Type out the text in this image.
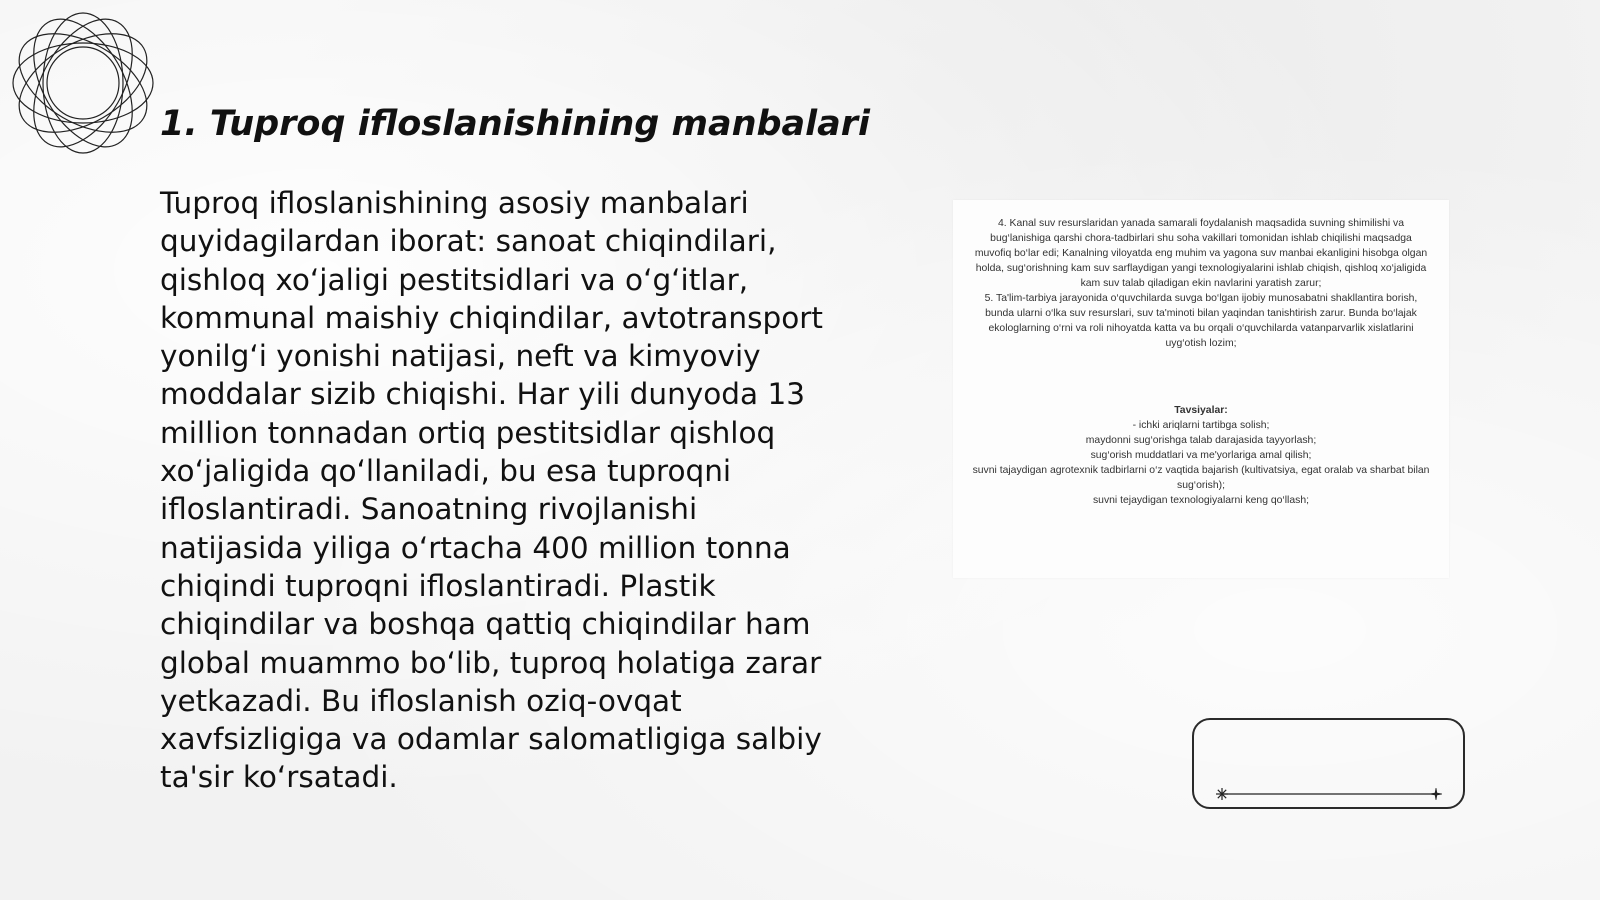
1. Tuproq ifloslanishining manbalari

Tuproq ifloslanishining asosiy manbalari quyidagilardan iborat: sanoat chiqindilari, qishloq xo‘jaligi pestitsidlari va o‘g‘itlar, kommunal maishiy chiqindilar, avtotransport yonilg‘i yonishi natijasi, neft va kimyoviy moddalar sizib chiqishi. Har yili dunyoda 13 million tonnadan ortiq pestitsidlar qishloq xo‘jaligida qo‘llaniladi, bu esa tuproqni ifloslantiradi. Sanoatning rivojlanishi natijasida yiliga o‘rtacha 400 million tonna chiqindi tuproqni ifloslantiradi. Plastik chiqindilar va boshqa qattiq chiqindilar ham global muammo bo‘lib, tuproq holatiga zarar yetkazadi. Bu ifloslanish oziq-ovqat xavfsizligiga va odamlar salomatligiga salbiy ta'sir ko‘rsatadi.

4. Kanal suv resurslaridan yanada samarali foydalanish maqsadida suvning shimilishi va bug‘lanishiga qarshi chora-tadbirlari shu soha vakillari tomonidan ishlab chiqilishi maqsadga muvofiq bo‘lar edi; Kanalning viloyatda eng muhim va yagona suv manbai ekanligini hisobga olgan holda, sug‘orishning kam suv sarflaydigan yangi texnologiyalarini ishlab chiqish, qishloq xo‘jaligida kam suv talab qiladigan ekin navlarini yaratish zarur;

5. Ta'lim-tarbiya jarayonida o‘quvchilarda suvga bo‘lgan ijobiy munosabatni shakllantira borish, bunda ularni o‘lka suv resurslari, suv ta'minoti bilan yaqindan tanishtirish zarur. Bunda bo‘lajak ekologlarning o‘rni va roli nihoyatda katta va bu orqali o‘quvchilarda vatanparvarlik xislatlarini uyg‘otish lozim;

Tavsiyalar:

- ichki ariqlarni tartibga solish;

maydonni sug‘orishga talab darajasida tayyorlash;

sug‘orish muddatlari va me'yorlariga amal qilish;

suvni tajaydigan agrotexnik tadbirlarni o‘z vaqtida bajarish (kultivatsiya, egat oralab va sharbat bilan sug‘orish);

suvni tejaydigan texnologiyalarni keng qo‘llash;
